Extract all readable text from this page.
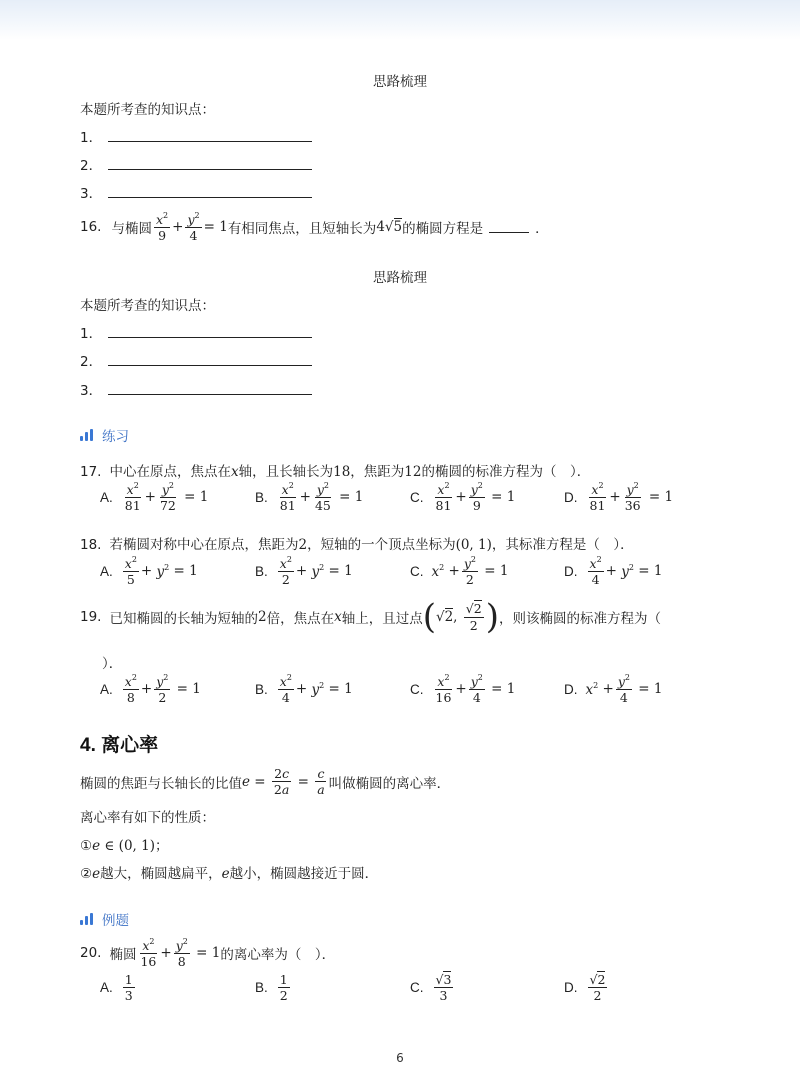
思路梳理
本题所考查的知识点：
1．
2．
3．
16. 与椭圆 $\frac{x^2}{9} + \frac{y^2}{4} = 1$ 有相同焦点，且短轴长为 4 √5 的椭圆方程是	．
思路梳理
本题所考查的知识点：
1．
2．
3．
练习
17. 中心在原点，焦点在x轴，且长轴长为18，焦距为12的椭圆的标准方程为（　）．
A. $\frac{x^2}{81} + \frac{y^2}{72} = 1$	B. $\frac{x^2}{81} + \frac{y^2}{45} = 1$	C. $\frac{x^2}{81} + \frac{y^2}{9} = 1$	D. $\frac{x^2}{81} + \frac{y^2}{36} = 1$
18. 若椭圆对称中心在原点，焦距为2，短轴的一个顶点坐标为(0, 1)，其标准方程是（　）．
A. $\frac{x^2}{5} + y^2 = 1$	B. $\frac{x^2}{2} + y^2 = 1$	C. $x^2 + \frac{y^2}{2} = 1$	D. $\frac{x^2}{4} + y^2 = 1$
19. 已知椭圆的长轴为短轴的 2 倍，焦点在 x 轴上，且过点 ( √2, $\frac{√2}{2}$ ) ，则该椭圆的标准方程为（
）．
A. $\frac{x^2}{8} + \frac{y^2}{2} = 1$	B. $\frac{x^2}{4} + y^2 = 1$	C. $\frac{x^2}{16} + \frac{y^2}{4} = 1$	D. $x^2 + \frac{y^2}{4} = 1$
4. 离心率
椭圆的焦距与长轴长的比值 $e = \frac{2c}{2a} = \frac{c}{a}$ 叫做椭圆的离心率．
离心率有如下的性质：
①e ∈ (0, 1)；
②e越大，椭圆越扁平，e越小，椭圆越接近于圆．
例题
20. 椭圆 $\frac{x^2}{16} + \frac{y^2}{8} = 1$ 的离心率为（　）．
A. $\frac{1}{3}$	B. $\frac{1}{2}$	C. $\frac{√3}{3}$	D. $\frac{√2}{2}$
6
